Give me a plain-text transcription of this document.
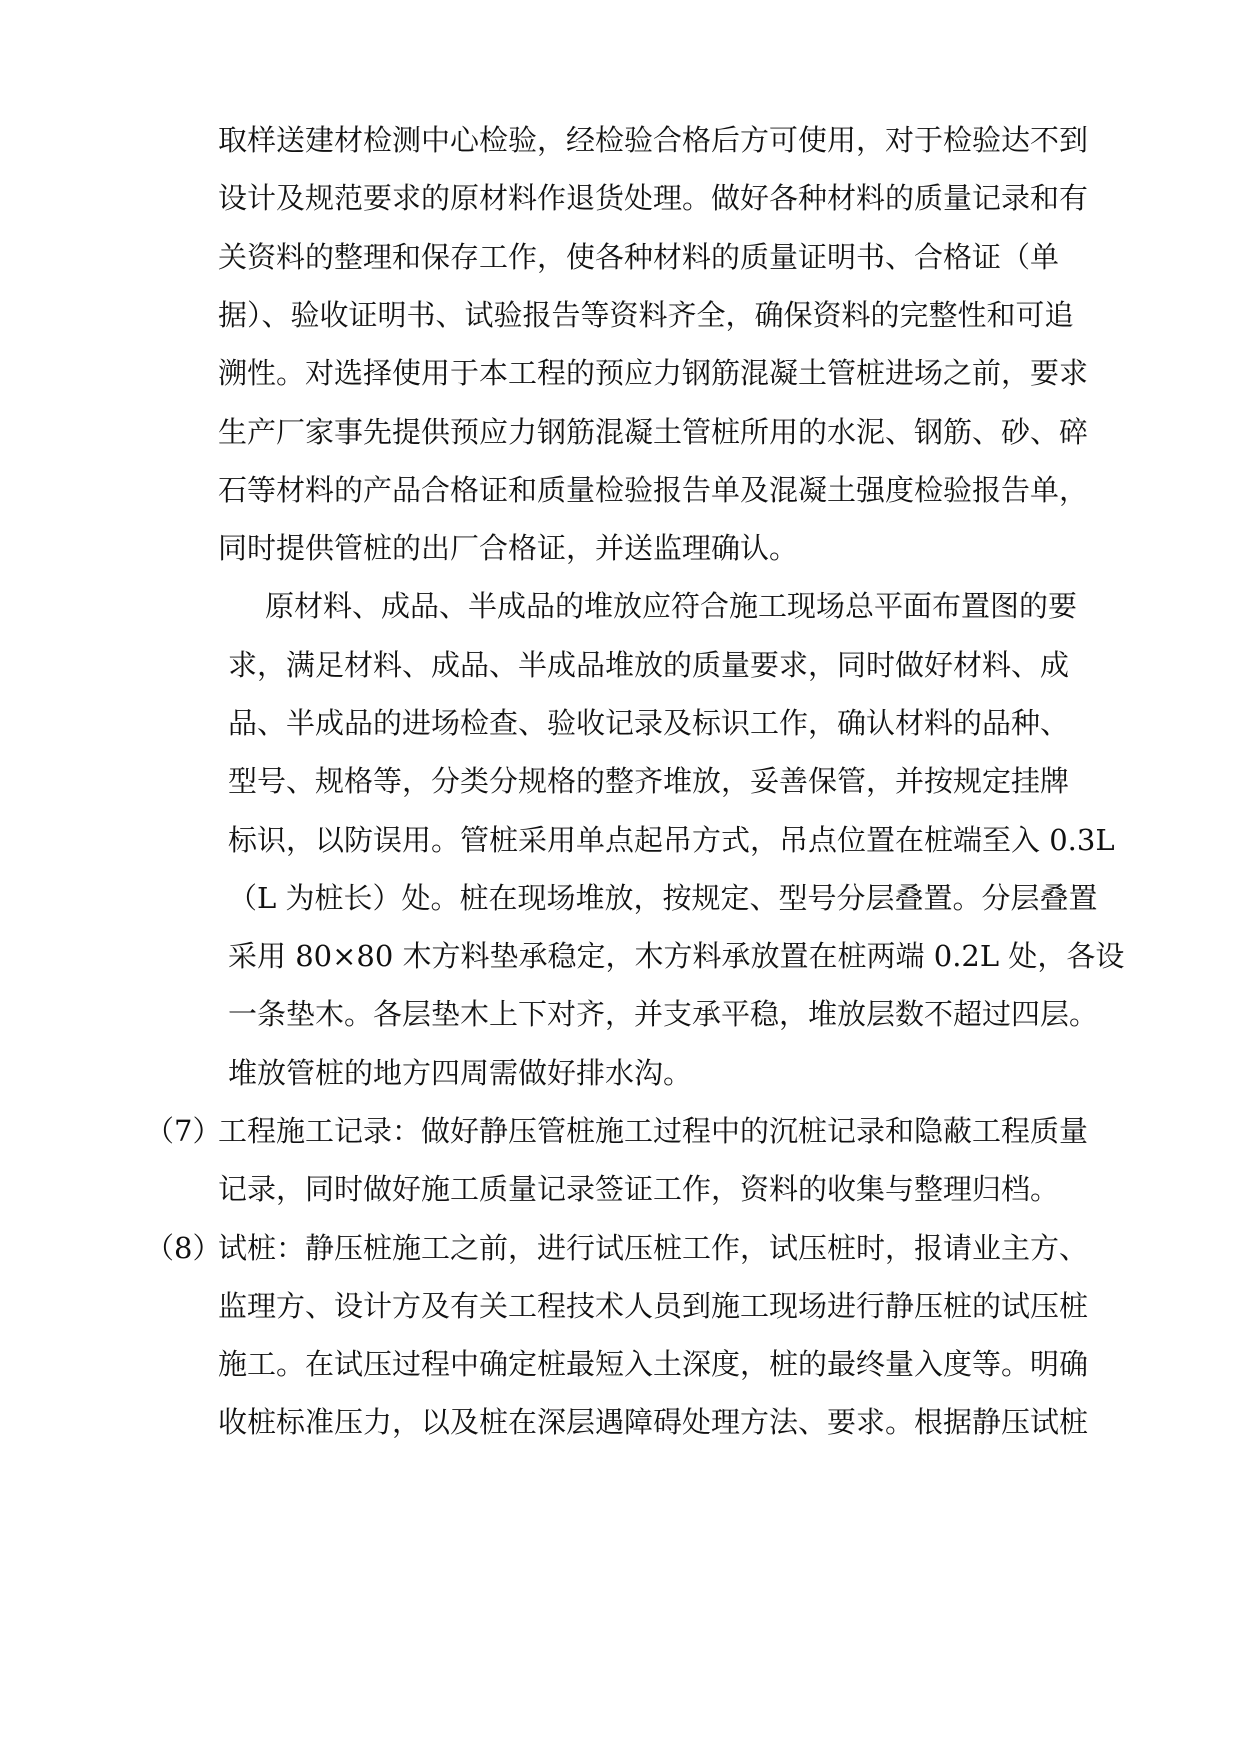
取样送建材检测中心检验，经检验合格后方可使用，对于检验达不到

设计及规范要求的原材料作退货处理。做好各种材料的质量记录和有

关资料的整理和保存工作，使各种材料的质量证明书、合格证（单

据）、验收证明书、试验报告等资料齐全，确保资料的完整性和可追

溯性。对选择使用于本工程的预应力钢筋混凝土管桩进场之前，要求

生产厂家事先提供预应力钢筋混凝土管桩所用的水泥、钢筋、砂、碎

石等材料的产品合格证和质量检验报告单及混凝土强度检验报告单，

同时提供管桩的出厂合格证，并送监理确认。

原材料、成品、半成品的堆放应符合施工现场总平面布置图的要

求，满足材料、成品、半成品堆放的质量要求，同时做好材料、成

品、半成品的进场检查、验收记录及标识工作，确认材料的品种、

型号、规格等，分类分规格的整齐堆放，妥善保管，并按规定挂牌

标识，以防误用。管桩采用单点起吊方式，吊点位置在桩端至入 0.3L

（L 为桩长）处。桩在现场堆放，按规定、型号分层叠置。分层叠置

采用 80×80 木方料垫承稳定，木方料承放置在桩两端 0.2L 处，各设

一条垫木。各层垫木上下对齐，并支承平稳，堆放层数不超过四层。

堆放管桩的地方四周需做好排水沟。

（7）

工程施工记录：做好静压管桩施工过程中的沉桩记录和隐蔽工程质量

记录，同时做好施工质量记录签证工作，资料的收集与整理归档。

（8）

试桩：静压桩施工之前，进行试压桩工作，试压桩时，报请业主方、

监理方、设计方及有关工程技术人员到施工现场进行静压桩的试压桩

施工。在试压过程中确定桩最短入土深度，桩的最终量入度等。明确

收桩标准压力，以及桩在深层遇障碍处理方法、要求。根据静压试桩
